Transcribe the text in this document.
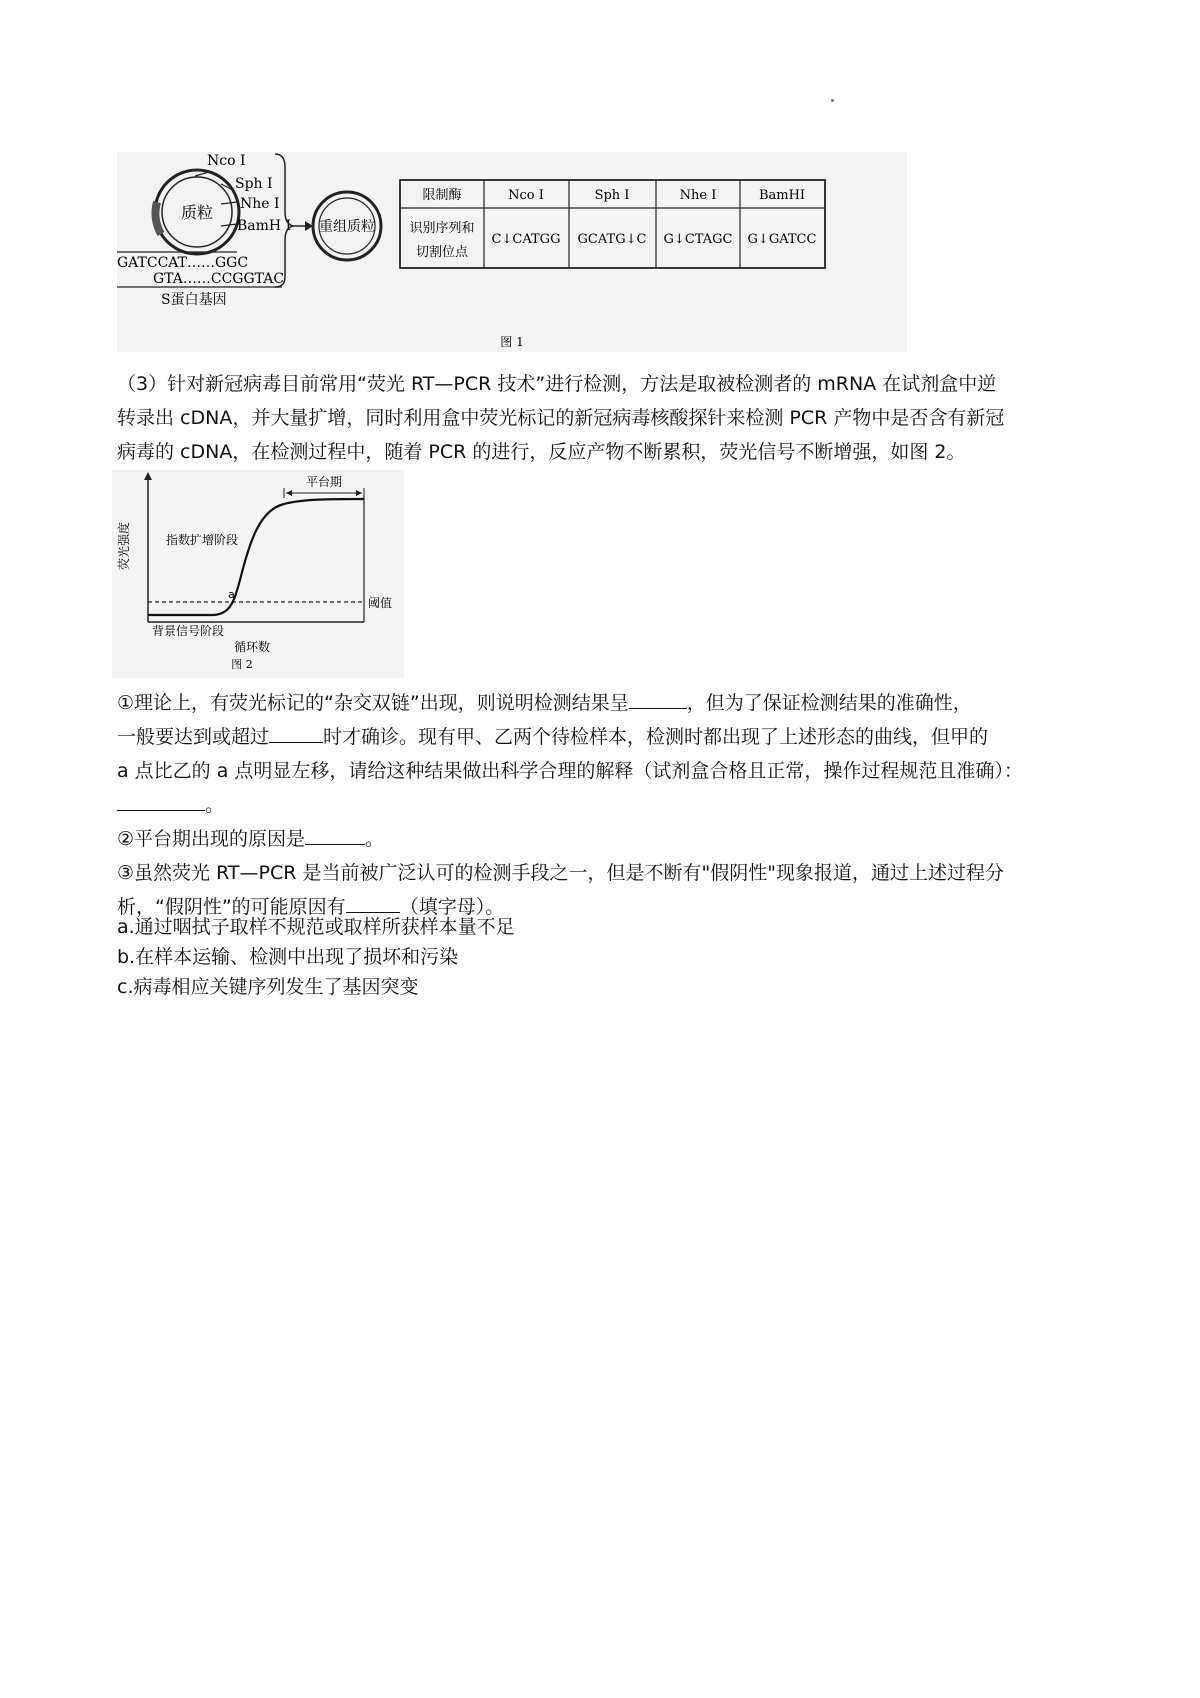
质粒
Nco I
Sph I
Nhe I
BamH I
GATCCAT……GGC
GTA……CCGGTAC
S蛋白基因
重组质粒
限制酶	Nco I	Sph I	Nhe I	BamHI
识别序列和
切割位点
C↓CATGG GCATG↓C G↓CTAGC G↓GATCC
图 1
（3）针对新冠病毒目前常用“荧光 RT—PCR 技术”进行检测，方法是取被检测者的 mRNA 在试剂盒中逆
转录出 cDNA，并大量扩增，同时利用盒中荧光标记的新冠病毒核酸探针来检测 PCR 产物中是否含有新冠
病毒的 cDNA，在检测过程中，随着 PCR 的进行，反应产物不断累积，荧光信号不断增强，如图 2。
平台期
指数扩增阶段
a
阈值
背景信号阶段
循环数
荧光强度
图 2
①理论上，有荧光标记的“杂交双链”出现，则说明检测结果呈	，但为了保证检测结果的准确性，
一般要达到或超过	时才确诊。现有甲、乙两个待检样本，检测时都出现了上述形态的曲线，但甲的
a 点比乙的 a 点明显左移，请给这种结果做出科学合理的解释（试剂盒合格且正常，操作过程规范且准确）：
。
②平台期出现的原因是	。
③虽然荧光 RT—PCR 是当前被广泛认可的检测手段之一，但是不断有"假阴性"现象报道，通过上述过程分
析，“假阴性”的可能原因有	（填字母）。
a.通过咽拭子取样不规范或取样所获样本量不足
b.在样本运输、检测中出现了损坏和污染
c.病毒相应关键序列发生了基因突变
